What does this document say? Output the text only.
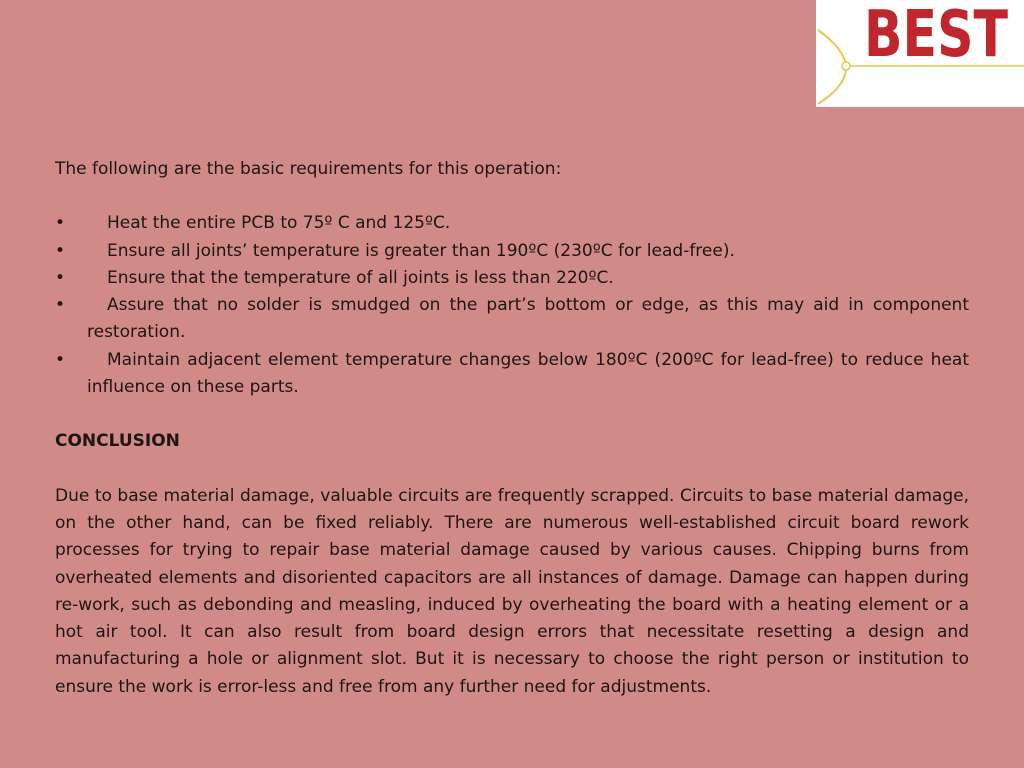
BEST

The following are the basic requirements for this operation:

• Heat the entire PCB to 75º C and 125ºC.
• Ensure all joints’ temperature is greater than 190ºC (230ºC for lead-free).
• Ensure that the temperature of all joints is less than 220ºC.
• Assure that no solder is smudged on the part’s bottom or edge, as this may aid in component restoration.
• Maintain adjacent element temperature changes below 180ºC (200ºC for lead-free) to reduce heat influence on these parts.

CONCLUSION

Due to base material damage, valuable circuits are frequently scrapped. Circuits to base material damage, on the other hand, can be fixed reliably. There are numerous well-established circuit board rework processes for trying to repair base material damage caused by various causes. Chipping burns from overheated elements and disoriented capacitors are all instances of damage. Damage can happen during re-work, such as debonding and measling, induced by overheating the board with a heating element or a hot air tool. It can also result from board design errors that necessitate resetting a design and manufacturing a hole or alignment slot. But it is necessary to choose the right person or institution to ensure the work is error-less and free from any further need for adjustments.
